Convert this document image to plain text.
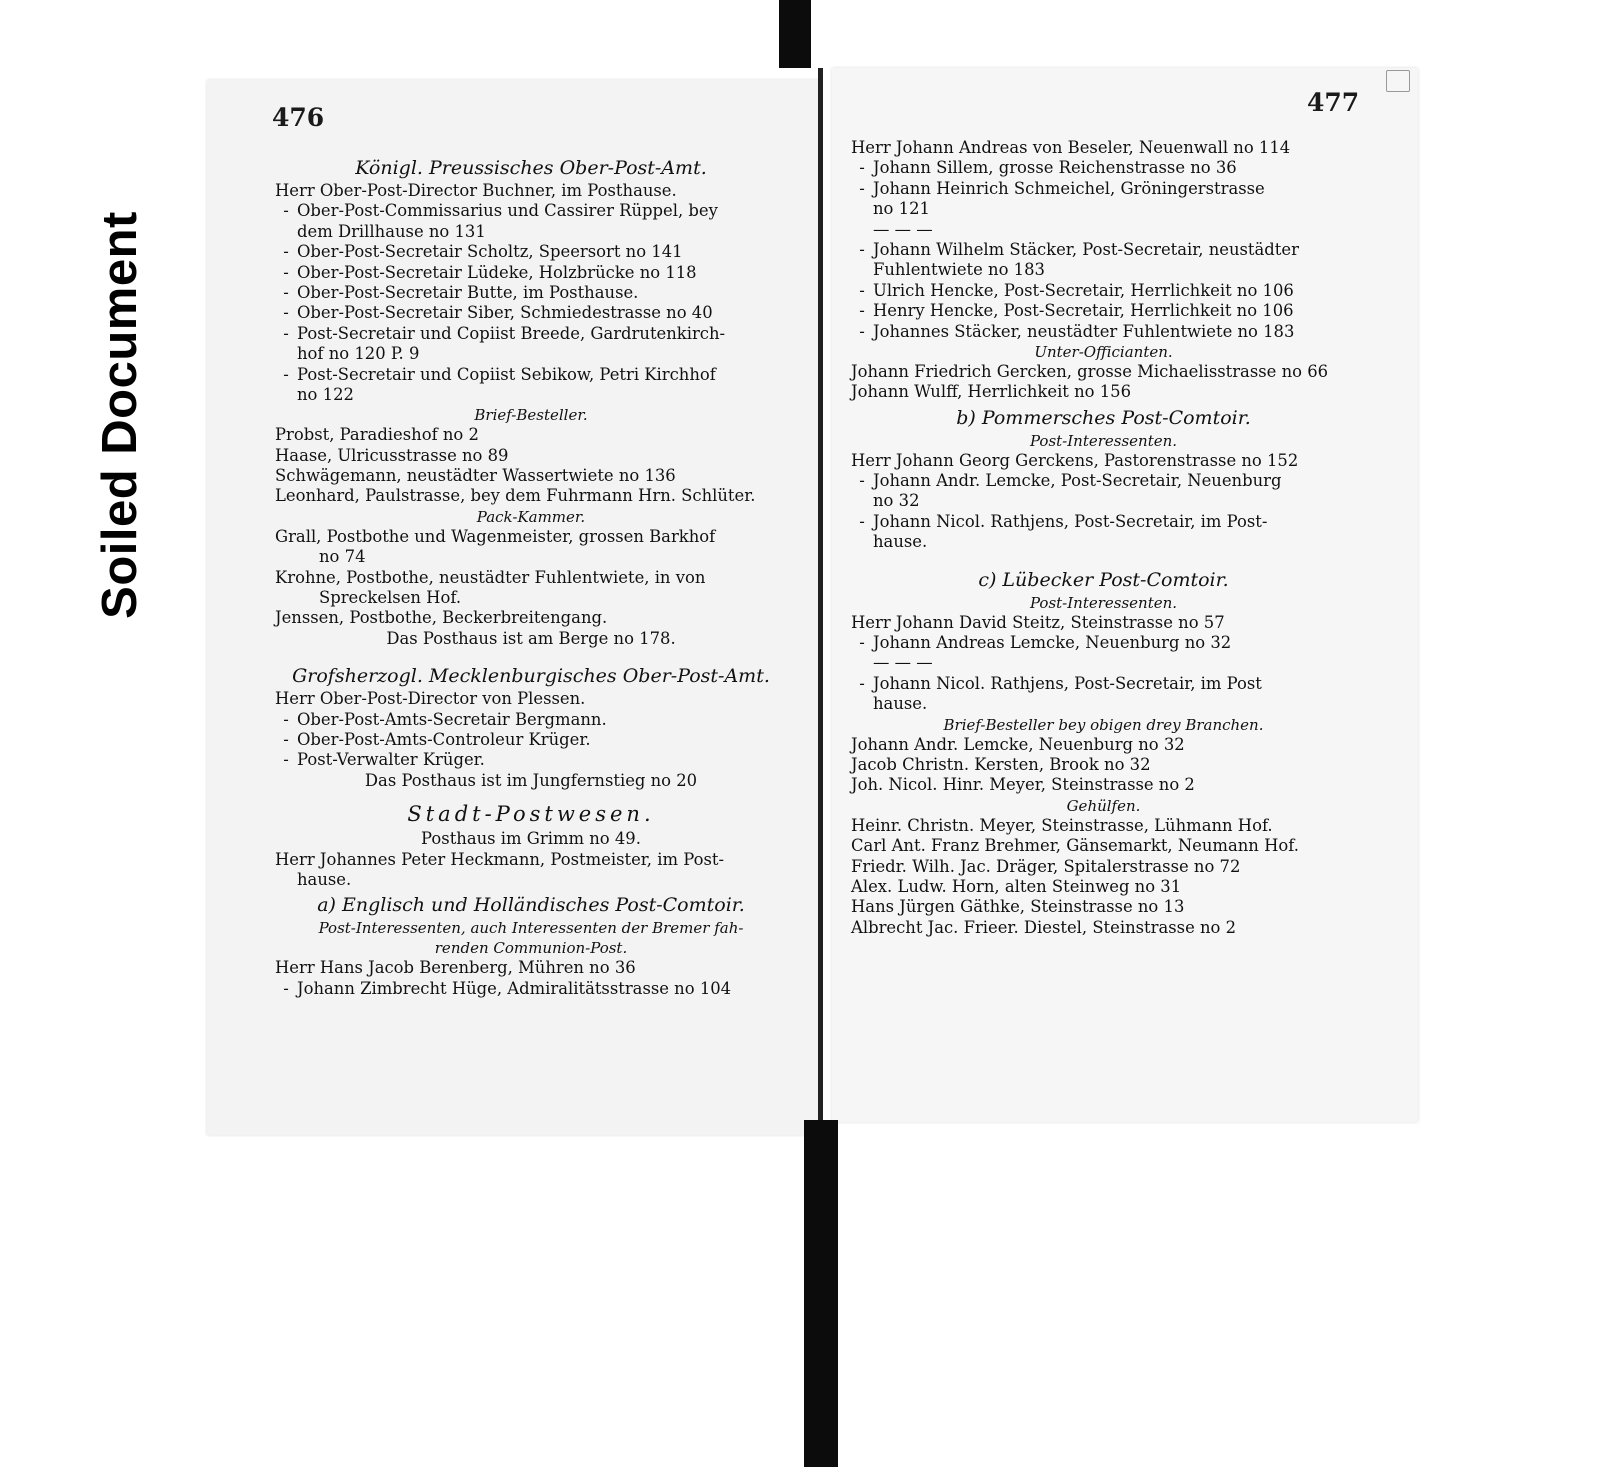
Soiled Document
476
477
Königl. Preussisches Ober-Post-Amt.
Herr Ober-Post-Director Buchner, im Posthause.
- Ober-Post-Commissarius und Cassirer Rüppel, bey
dem Drillhause no 131
- Ober-Post-Secretair Scholtz, Speersort no 141
- Ober-Post-Secretair Lüdeke, Holzbrücke no 118
- Ober-Post-Secretair Butte, im Posthause.
- Ober-Post-Secretair Siber, Schmiedestrasse no 40
- Post-Secretair und Copiist Breede, Gardrutenkirch-
hof no 120 P. 9
- Post-Secretair und Copiist Sebikow, Petri Kirchhof
no 122
Brief-Besteller.
Probst, Paradieshof no 2
Haase, Ulricusstrasse no 89
Schwägemann, neustädter Wassertwiete no 136
Leonhard, Paulstrasse, bey dem Fuhrmann Hrn. Schlüter.
Pack-Kammer.
Grall, Postbothe und Wagenmeister, grossen Barkhof
no 74
Krohne, Postbothe, neustädter Fuhlentwiete, in von
Spreckelsen Hof.
Jenssen, Postbothe, Beckerbreitengang.
Das Posthaus ist am Berge no 178.
Grofsherzogl. Mecklenburgisches Ober-Post-Amt.
Herr Ober-Post-Director von Plessen.
- Ober-Post-Amts-Secretair Bergmann.
- Ober-Post-Amts-Controleur Krüger.
- Post-Verwalter Krüger.
Das Posthaus ist im Jungfernstieg no 20
Stadt-Postwesen.
Posthaus im Grimm no 49.
Herr Johannes Peter Heckmann, Postmeister, im Post-
hause.
a) Englisch und Holländisches Post-Comtoir.
Post-Interessenten, auch Interessenten der Bremer fah-
renden Communion-Post.
Herr Hans Jacob Berenberg, Mühren no 36
- Johann Zimbrecht Hüge, Admiralitätsstrasse no 104
Herr Johann Andreas von Beseler, Neuenwall no 114
- Johann Sillem, grosse Reichenstrasse no 36
- Johann Heinrich Schmeichel, Gröningerstrasse
no 121
— — —
- Johann Wilhelm Stäcker, Post-Secretair, neustädter
Fuhlentwiete no 183
- Ulrich Hencke, Post-Secretair, Herrlichkeit no 106
- Henry Hencke, Post-Secretair, Herrlichkeit no 106
- Johannes Stäcker, neustädter Fuhlentwiete no 183
Unter-Officianten.
Johann Friedrich Gercken, grosse Michaelisstrasse no 66
Johann Wulff, Herrlichkeit no 156
b) Pommersches Post-Comtoir.
Post-Interessenten.
Herr Johann Georg Gerckens, Pastorenstrasse no 152
- Johann Andr. Lemcke, Post-Secretair, Neuenburg
no 32
- Johann Nicol. Rathjens, Post-Secretair, im Post-
hause.
c) Lübecker Post-Comtoir.
Post-Interessenten.
Herr Johann David Steitz, Steinstrasse no 57
- Johann Andreas Lemcke, Neuenburg no 32
— — —
- Johann Nicol. Rathjens, Post-Secretair, im Post
hause.
Brief-Besteller bey obigen drey Branchen.
Johann Andr. Lemcke, Neuenburg no 32
Jacob Christn. Kersten, Brook no 32
Joh. Nicol. Hinr. Meyer, Steinstrasse no 2
Gehülfen.
Heinr. Christn. Meyer, Steinstrasse, Lühmann Hof.
Carl Ant. Franz Brehmer, Gänsemarkt, Neumann Hof.
Friedr. Wilh. Jac. Dräger, Spitalerstrasse no 72
Alex. Ludw. Horn, alten Steinweg no 31
Hans Jürgen Gäthke, Steinstrasse no 13
Albrecht Jac. Frieer. Diestel, Steinstrasse no 2
